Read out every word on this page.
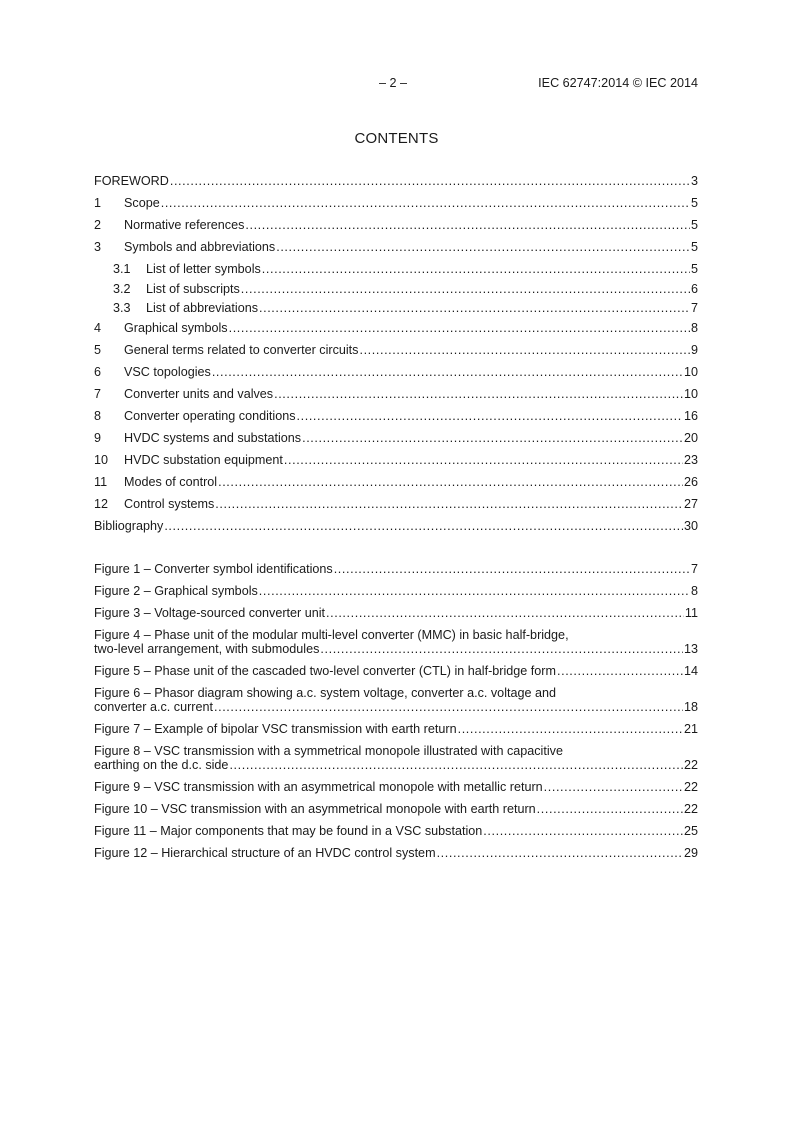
– 2 –	IEC 62747:2014 © IEC 2014
CONTENTS
FOREWORD .....	3
1	Scope .....	5
2	Normative references .....	5
3	Symbols and abbreviations .....	5
3.1	List of letter symbols .....	5
3.2	List of subscripts .....	6
3.3	List of abbreviations .....	7
4	Graphical symbols .....	8
5	General terms related to converter circuits .....	9
6	VSC topologies .....	10
7	Converter units and valves .....	10
8	Converter operating conditions .....	16
9	HVDC systems and substations .....	20
10	HVDC substation equipment .....	23
11	Modes of control .....	26
12	Control systems .....	27
Bibliography .....	30
Figure 1 – Converter symbol identifications .....	7
Figure 2 – Graphical symbols .....	8
Figure 3 – Voltage-sourced converter unit .....	11
Figure 4 – Phase unit of the modular multi-level converter (MMC) in basic half-bridge,
two-level arrangement, with submodules .....	13
Figure 5 – Phase unit of the cascaded two-level converter (CTL) in half-bridge form .....	14
Figure 6 – Phasor diagram showing a.c. system voltage, converter a.c. voltage and
converter a.c. current .....	18
Figure 7 – Example of bipolar VSC transmission with earth return .....	21
Figure 8 – VSC transmission with a symmetrical monopole illustrated with capacitive
earthing on the d.c. side .....	22
Figure 9 – VSC transmission with an asymmetrical monopole with metallic return .....	22
Figure 10 – VSC transmission with an asymmetrical monopole with earth return .....	22
Figure 11 – Major components that may be found in a VSC substation .....	25
Figure 12 – Hierarchical structure of an HVDC control system .....	29
